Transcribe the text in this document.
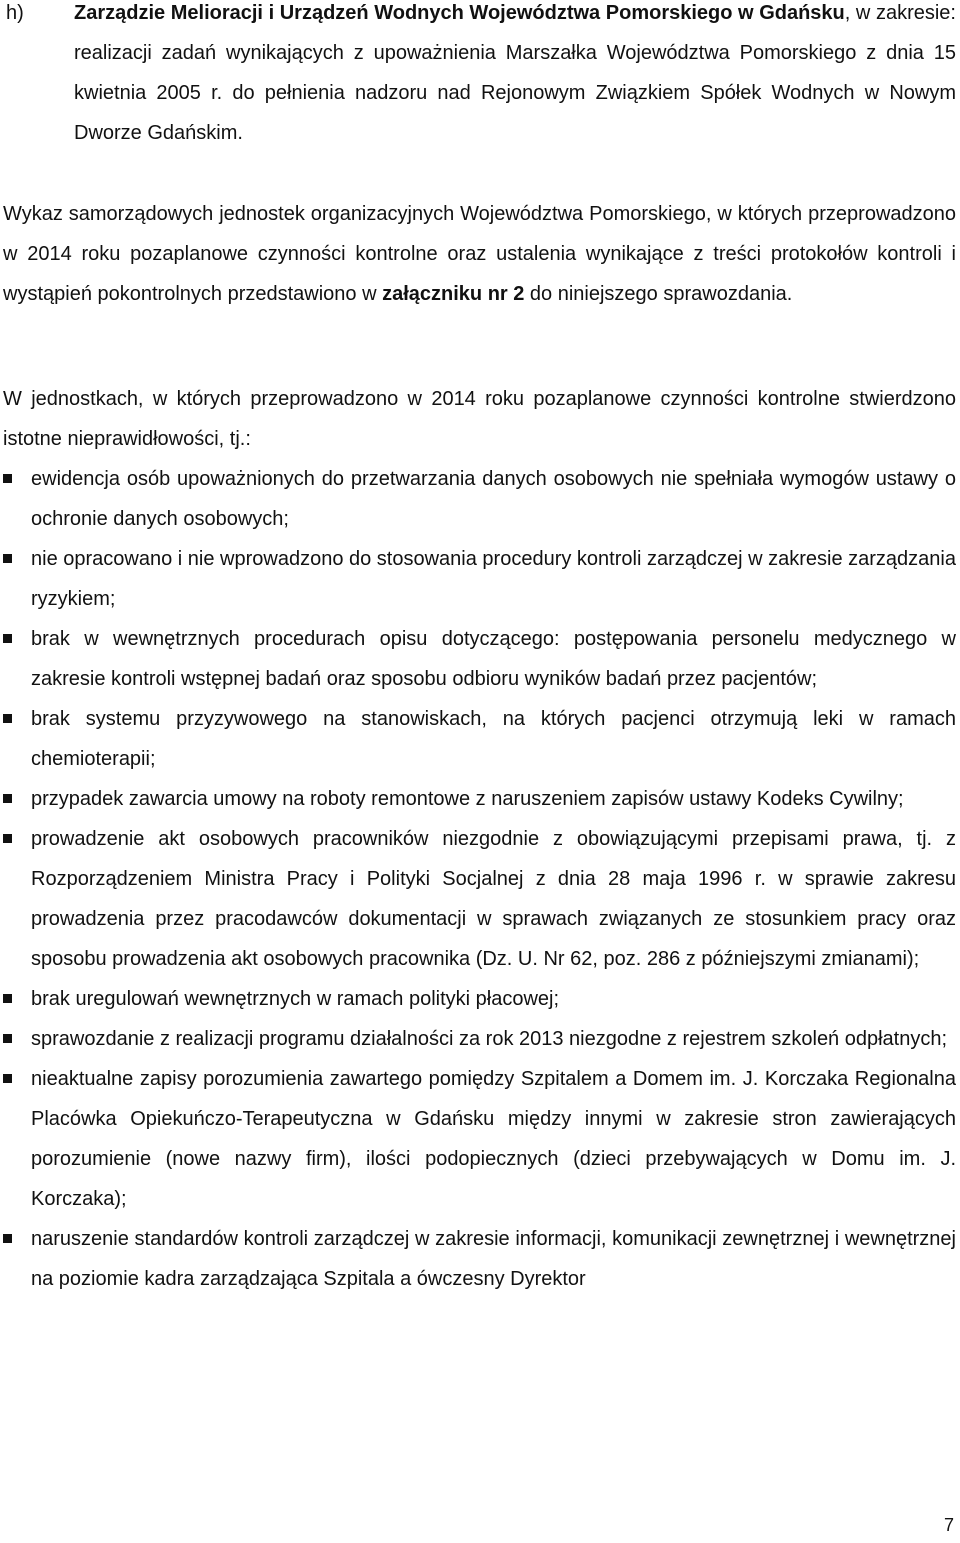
h)	Zarządzie Melioracji i Urządzeń Wodnych Województwa Pomorskiego w Gdańsku, w zakresie: realizacji zadań wynikających z upoważnienia Marszałka Województwa Pomorskiego z dnia 15 kwietnia 2005 r. do pełnienia nadzoru nad Rejonowym Związkiem Spółek Wodnych w Nowym Dworze Gdańskim.

Wykaz samorządowych jednostek organizacyjnych Województwa Pomorskiego, w których przeprowadzono w 2014 roku pozaplanowe czynności kontrolne oraz ustalenia wynikające z treści protokołów kontroli i wystąpień pokontrolnych przedstawiono w załączniku nr 2 do niniejszego sprawozdania.

W jednostkach, w których przeprowadzono w 2014 roku pozaplanowe czynności kontrolne stwierdzono istotne nieprawidłowości, tj.:

ewidencja osób upoważnionych do przetwarzania danych osobowych nie spełniała wymogów ustawy o ochronie danych osobowych;
nie opracowano i nie wprowadzono do stosowania procedury kontroli zarządczej w zakresie zarządzania ryzykiem;
brak w wewnętrznych procedurach opisu dotyczącego: postępowania personelu medycznego w zakresie kontroli wstępnej badań oraz sposobu odbioru wyników badań przez pacjentów;
brak systemu przyzywowego na stanowiskach, na których pacjenci otrzymują leki w ramach chemioterapii;
przypadek zawarcia umowy na roboty remontowe z naruszeniem zapisów ustawy Kodeks Cywilny;
prowadzenie akt osobowych pracowników niezgodnie z obowiązującymi przepisami prawa, tj. z Rozporządzeniem Ministra Pracy i Polityki Socjalnej z dnia 28 maja 1996 r. w sprawie zakresu prowadzenia przez pracodawców dokumentacji w sprawach związanych ze stosunkiem pracy oraz sposobu prowadzenia akt osobowych pracownika (Dz. U. Nr 62, poz. 286 z późniejszymi zmianami);
brak uregulowań wewnętrznych w ramach polityki płacowej;
sprawozdanie z realizacji programu działalności za rok 2013 niezgodne z rejestrem szkoleń odpłatnych;
nieaktualne zapisy porozumienia zawartego pomiędzy Szpitalem a Domem im. J. Korczaka Regionalna Placówka Opiekuńczo-Terapeutyczna w Gdańsku między innymi w zakresie stron zawierających porozumienie (nowe nazwy firm), ilości podopiecznych (dzieci przebywających w Domu im. J. Korczaka);
naruszenie standardów kontroli zarządczej w zakresie informacji, komunikacji zewnętrznej i wewnętrznej na poziomie kadra zarządzająca Szpitala a ówczesny Dyrektor
7
